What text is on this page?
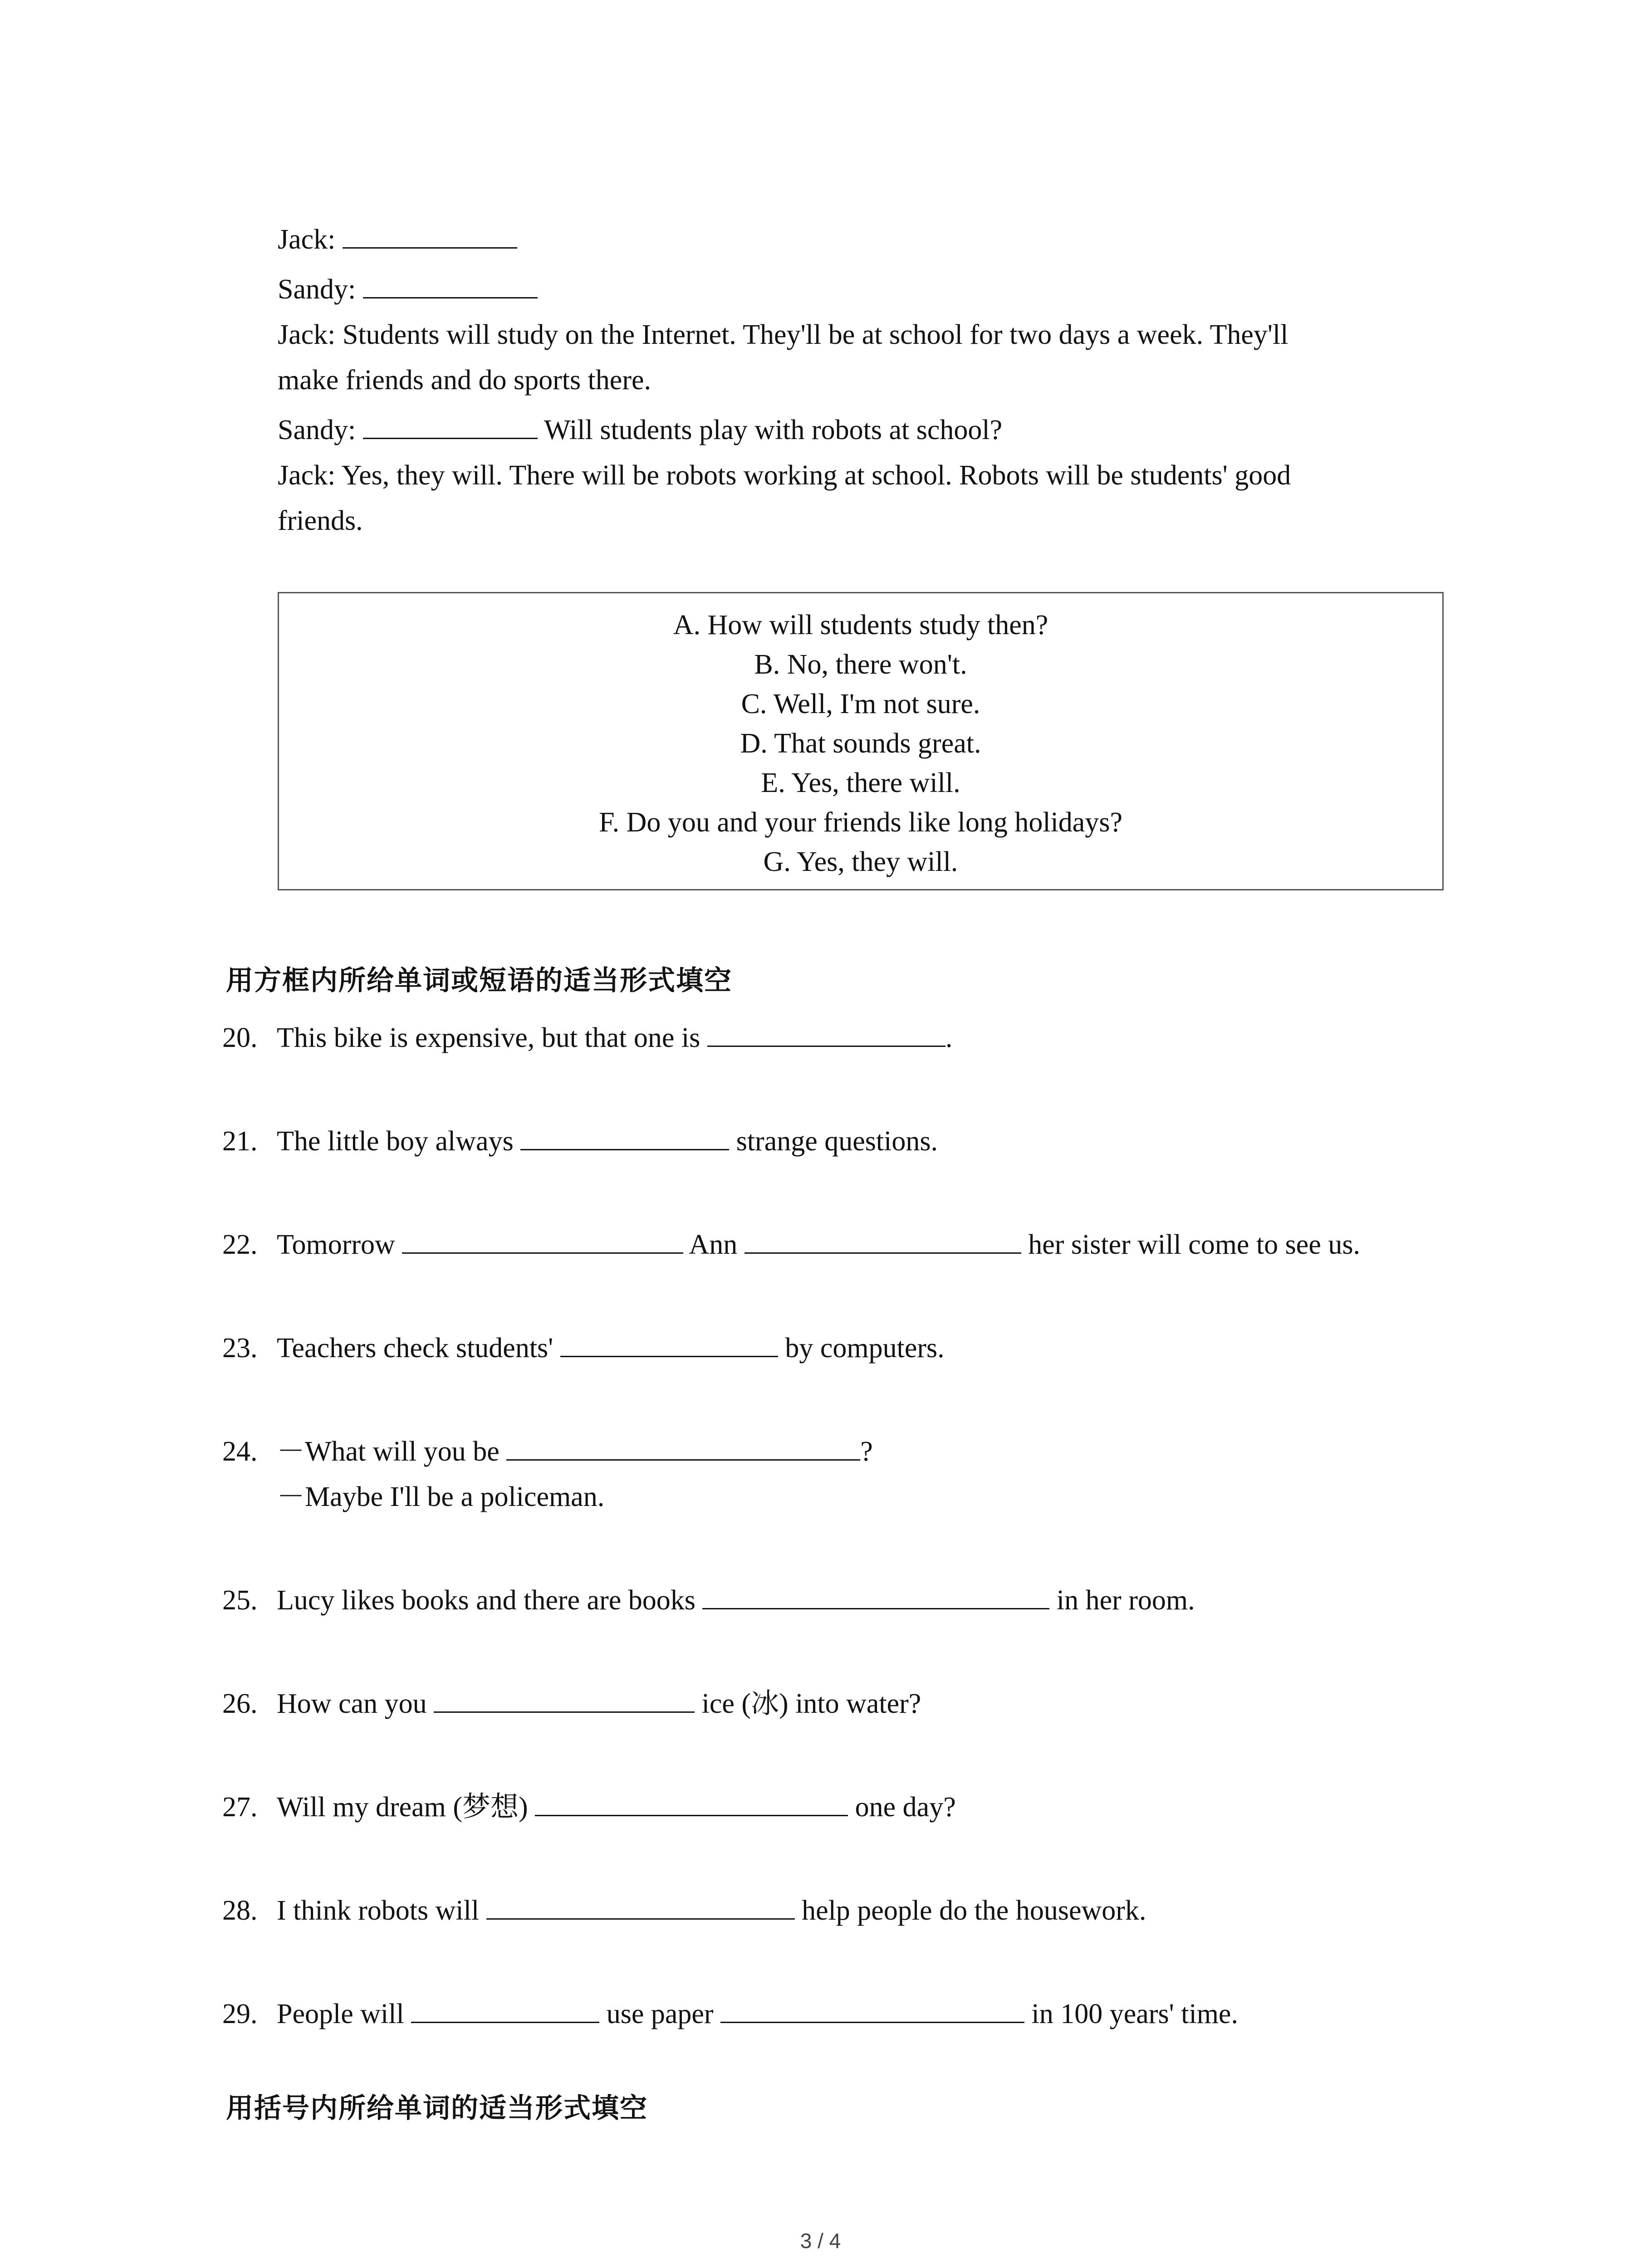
Jack:
Sandy:
Jack: Students will study on the Internet. They'll be at school for two days a week. They'll
make friends and do sports there.
Sandy:	Will students play with robots at school?
Jack: Yes, they will. There will be robots working at school. Robots will be students' good
friends.
A. How will students study then?
B. No, there won't.
C. Well, I'm not sure.
D. That sounds great.
E. Yes, there will.
F. Do you and your friends like long holidays?
G. Yes, they will.
用方框内所给单词或短语的适当形式填空
20. This bike is expensive, but that one is	.
21. The little boy always	strange questions.
22. Tomorrow	Ann	her sister will come to see us.
23. Teachers check students'	by computers.
24. －What will you be	?
－Maybe I'll be a policeman.
25. Lucy likes books and there are books	in her room.
26. How can you	ice (冰) into water?
27. Will my dream (梦想)	one day?
28. I think robots will	help people do the housework.
29. People will	use paper	in 100 years' time.
用括号内所给单词的适当形式填空
3 / 4
